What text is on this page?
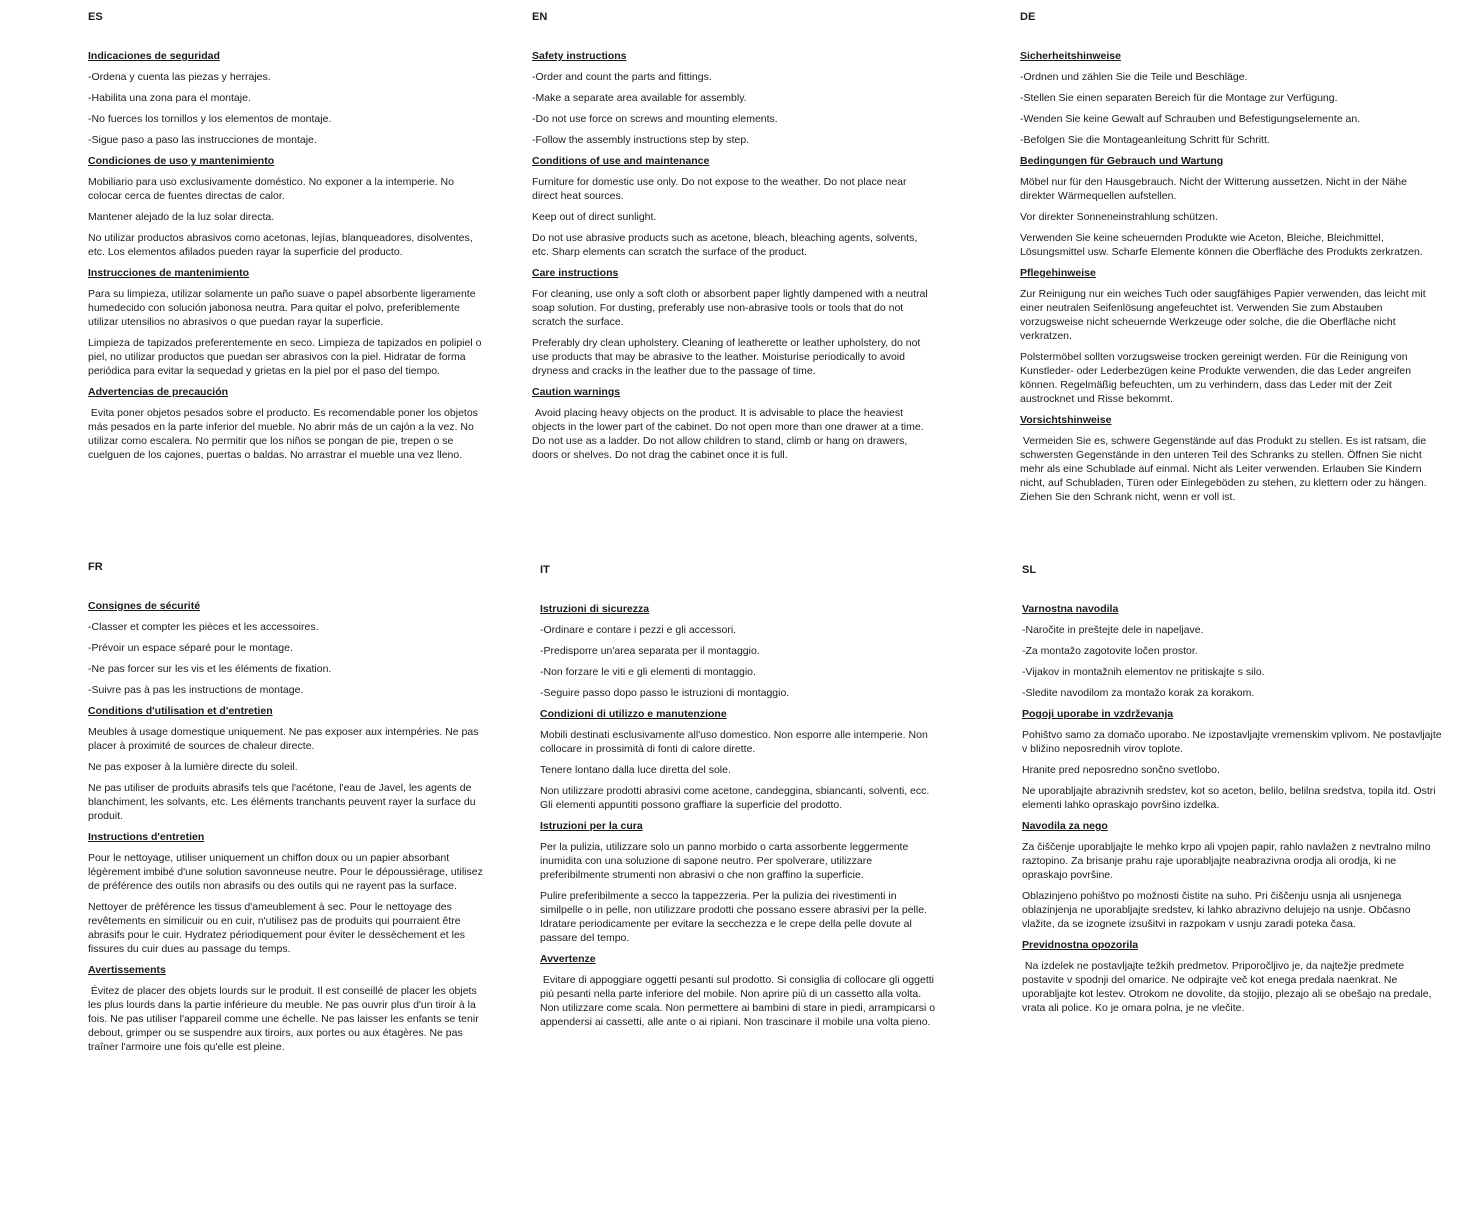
ES
Indicaciones de seguridad
-Ordena y cuenta las piezas y herrajes.
-Habilita una zona para el montaje.
-No fuerces los tornillos y los elementos de montaje.
-Sigue paso a paso las instrucciones de montaje.
Condiciones de uso y mantenimiento
Mobiliario para uso exclusivamente doméstico. No exponer a la intemperie. No colocar cerca de fuentes directas de calor.
Mantener alejado de la luz solar directa.
No utilizar productos abrasivos como acetonas, lejías, blanqueadores, disolventes, etc. Los elementos afilados pueden rayar la superficie del producto.
Instrucciones de mantenimiento
Para su limpieza, utilizar solamente un paño suave o papel absorbente ligeramente humedecido con solución jabonosa neutra. Para quitar el polvo, preferiblemente utilizar utensilios no abrasivos o que puedan rayar la superficie.
Limpieza de tapizados preferentemente en seco. Limpieza de tapizados en polipiel o piel, no utilizar productos que puedan ser abrasivos con la piel. Hidratar de forma periódica para evitar la sequedad y grietas en la piel por el paso del tiempo.
Advertencias de precaución
Evita poner objetos pesados sobre el producto. Es recomendable poner los objetos más pesados en la parte inferior del mueble. No abrir más de un cajón a la vez. No utilizar como escalera. No permitir que los niños se pongan de pie, trepen o se cuelguen de los cajones, puertas o baldas. No arrastrar el mueble una vez lleno.
EN
Safety instructions
-Order and count the parts and fittings.
-Make a separate area available for assembly.
-Do not use force on screws and mounting elements.
-Follow the assembly instructions step by step.
Conditions of use and maintenance
Furniture for domestic use only. Do not expose to the weather. Do not place near direct heat sources.
Keep out of direct sunlight.
Do not use abrasive products such as acetone, bleach, bleaching agents, solvents, etc. Sharp elements can scratch the surface of the product.
Care instructions
For cleaning, use only a soft cloth or absorbent paper lightly dampened with a neutral soap solution. For dusting, preferably use non-abrasive tools or tools that do not scratch the surface.
Preferably dry clean upholstery. Cleaning of leatherette or leather upholstery, do not use products that may be abrasive to the leather. Moisturise periodically to avoid dryness and cracks in the leather due to the passage of time.
Caution warnings
Avoid placing heavy objects on the product. It is advisable to place the heaviest objects in the lower part of the cabinet. Do not open more than one drawer at a time. Do not use as a ladder. Do not allow children to stand, climb or hang on drawers, doors or shelves. Do not drag the cabinet once it is full.
DE
Sicherheitshinweise
-Ordnen und zählen Sie die Teile und Beschläge.
-Stellen Sie einen separaten Bereich für die Montage zur Verfügung.
-Wenden Sie keine Gewalt auf Schrauben und Befestigungselemente an.
-Befolgen Sie die Montageanleitung Schritt für Schritt.
Bedingungen für Gebrauch und Wartung
Möbel nur für den Hausgebrauch. Nicht der Witterung aussetzen. Nicht in der Nähe direkter Wärmequellen aufstellen.
Vor direkter Sonneneinstrahlung schützen.
Verwenden Sie keine scheuernden Produkte wie Aceton, Bleiche, Bleichmittel, Lösungsmittel usw. Scharfe Elemente können die Oberfläche des Produkts zerkratzen.
Pflegehinweise
Zur Reinigung nur ein weiches Tuch oder saugfähiges Papier verwenden, das leicht mit einer neutralen Seifenlösung angefeuchtet ist. Verwenden Sie zum Abstauben vorzugsweise nicht scheuernde Werkzeuge oder solche, die die Oberfläche nicht verkratzen.
Polstermöbel sollten vorzugsweise trocken gereinigt werden. Für die Reinigung von Kunstleder- oder Lederbezügen keine Produkte verwenden, die das Leder angreifen können. Regelmäßig befeuchten, um zu verhindern, dass das Leder mit der Zeit austrocknet und Risse bekommt.
Vorsichtshinweise
Vermeiden Sie es, schwere Gegenstände auf das Produkt zu stellen. Es ist ratsam, die schwersten Gegenstände in den unteren Teil des Schranks zu stellen. Öffnen Sie nicht mehr als eine Schublade auf einmal. Nicht als Leiter verwenden. Erlauben Sie Kindern nicht, auf Schubladen, Türen oder Einlegeböden zu stehen, zu klettern oder zu hängen. Ziehen Sie den Schrank nicht, wenn er voll ist.
FR
Consignes de sécurité
-Classer et compter les pièces et les accessoires.
-Prévoir un espace séparé pour le montage.
-Ne pas forcer sur les vis et les éléments de fixation.
-Suivre pas à pas les instructions de montage.
Conditions d'utilisation et d'entretien
Meubles à usage domestique uniquement. Ne pas exposer aux intempéries. Ne pas placer à proximité de sources de chaleur directe.
Ne pas exposer à la lumière directe du soleil.
Ne pas utiliser de produits abrasifs tels que l'acétone, l'eau de Javel, les agents de blanchiment, les solvants, etc. Les éléments tranchants peuvent rayer la surface du produit.
Instructions d'entretien
Pour le nettoyage, utiliser uniquement un chiffon doux ou un papier absorbant légèrement imbibé d'une solution savonneuse neutre. Pour le dépoussiérage, utilisez de préférence des outils non abrasifs ou des outils qui ne rayent pas la surface.
Nettoyer de préférence les tissus d'ameublement à sec. Pour le nettoyage des revêtements en similicuir ou en cuir, n'utilisez pas de produits qui pourraient être abrasifs pour le cuir. Hydratez périodiquement pour éviter le dessèchement et les fissures du cuir dues au passage du temps.
Avertissements
Évitez de placer des objets lourds sur le produit. Il est conseillé de placer les objets les plus lourds dans la partie inférieure du meuble. Ne pas ouvrir plus d'un tiroir à la fois. Ne pas utiliser l'appareil comme une échelle. Ne pas laisser les enfants se tenir debout, grimper ou se suspendre aux tiroirs, aux portes ou aux étagères. Ne pas traîner l'armoire une fois qu'elle est pleine.
IT
Istruzioni di sicurezza
-Ordinare e contare i pezzi e gli accessori.
-Predisporre un'area separata per il montaggio.
-Non forzare le viti e gli elementi di montaggio.
-Seguire passo dopo passo le istruzioni di montaggio.
Condizioni di utilizzo e manutenzione
Mobili destinati esclusivamente all'uso domestico. Non esporre alle intemperie. Non collocare in prossimità di fonti di calore dirette.
Tenere lontano dalla luce diretta del sole.
Non utilizzare prodotti abrasivi come acetone, candeggina, sbiancanti, solventi, ecc. Gli elementi appuntiti possono graffiare la superficie del prodotto.
Istruzioni per la cura
Per la pulizia, utilizzare solo un panno morbido o carta assorbente leggermente inumidita con una soluzione di sapone neutro. Per spolverare, utilizzare preferibilmente strumenti non abrasivi o che non graffino la superficie.
Pulire preferibilmente a secco la tappezzeria. Per la pulizia dei rivestimenti in similpelle o in pelle, non utilizzare prodotti che possano essere abrasivi per la pelle. Idratare periodicamente per evitare la secchezza e le crepe della pelle dovute al passare del tempo.
Avvertenze
Evitare di appoggiare oggetti pesanti sul prodotto. Si consiglia di collocare gli oggetti più pesanti nella parte inferiore del mobile. Non aprire più di un cassetto alla volta. Non utilizzare come scala. Non permettere ai bambini di stare in piedi, arrampicarsi o appendersi ai cassetti, alle ante o ai ripiani. Non trascinare il mobile una volta pieno.
SL
Varnostna navodila
-Naročite in preštejte dele in napeljave.
-Za montažo zagotovite ločen prostor.
-Vijakov in montažnih elementov ne pritiskajte s silo.
-Sledite navodilom za montažo korak za korakom.
Pogoji uporabe in vzdrževanja
Pohištvo samo za domačo uporabo. Ne izpostavljajte vremenskim vplivom. Ne postavljajte v bližino neposrednih virov toplote.
Hranite pred neposredno sončno svetlobo.
Ne uporabljajte abrazivnih sredstev, kot so aceton, belilo, belilna sredstva, topila itd. Ostri elementi lahko opraskajo površino izdelka.
Navodila za nego
Za čiščenje uporabljajte le mehko krpo ali vpojen papir, rahlo navlažen z nevtralno milno raztopino. Za brisanje prahu raje uporabljajte neabrazivna orodja ali orodja, ki ne opraskajo površine.
Oblazinjeno pohištvo po možnosti čistite na suho. Pri čiščenju usnja ali usnjenega oblazinjenja ne uporabljajte sredstev, ki lahko abrazivno delujejo na usnje. Občasno vlažite, da se izognete izsušitvi in razpokam v usnju zaradi poteka časa.
Previdnostna opozorila
Na izdelek ne postavljajte težkih predmetov. Priporočljivo je, da najtežje predmete postavite v spodnji del omarice. Ne odpirajte več kot enega predala naenkrat. Ne uporabljajte kot lestev. Otrokom ne dovolite, da stojijo, plezajo ali se obešajo na predale, vrata ali police. Ko je omara polna, je ne vlečite.
